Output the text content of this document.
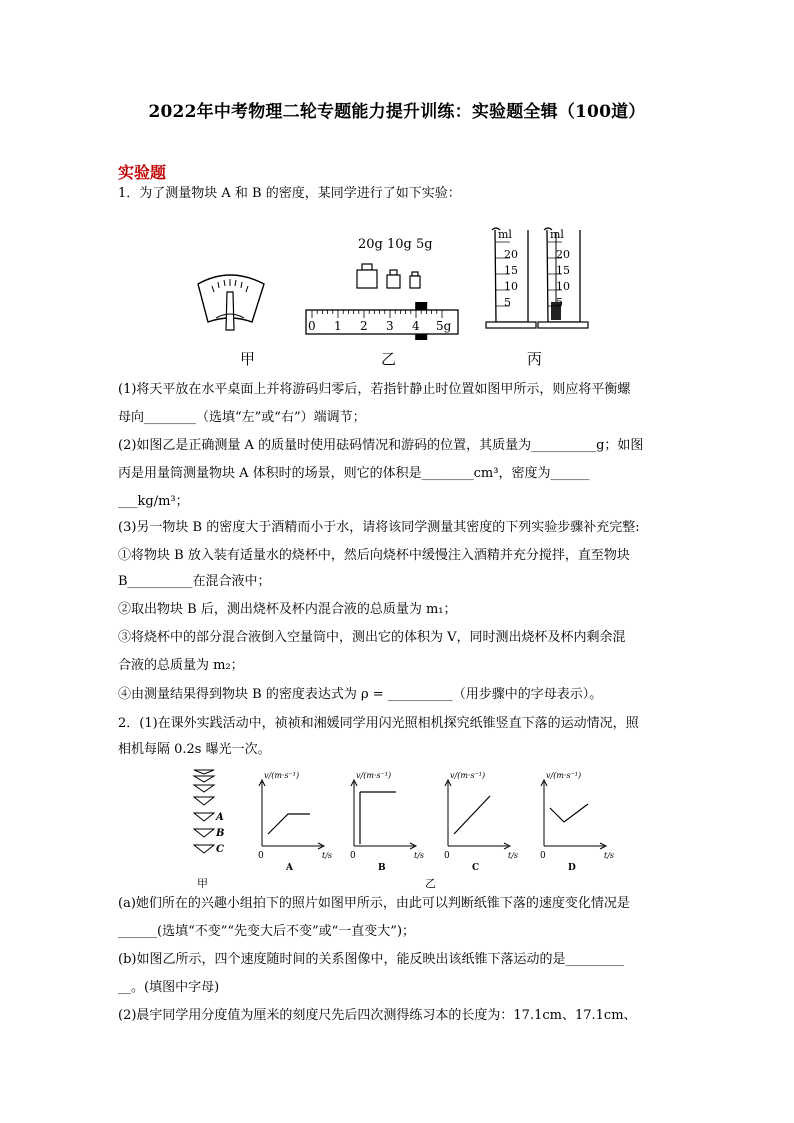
2022年中考物理二轮专题能力提升训练：实验题全辑（100道）
实验题
1．为了测量物块 A 和 B 的密度，某同学进行了如下实验：
20g 10g 5g
0 1 2 3 4 5g
ml	ml
20	20
15	15
10	10
5	5
甲	乙	丙
(1)将天平放在水平桌面上并将游码归零后，若指针静止时位置如图甲所示，则应将平衡螺
母向________（选填“左”或“右”）端调节；
(2)如图乙是正确测量 A 的质量时使用砝码情况和游码的位置，其质量为__________g；如图
丙是用量筒测量物块 A 体积时的场景，则它的体积是________cm³，密度为______
___kg/m³；
(3)另一物块 B 的密度大于酒精而小于水，请将该同学测量其密度的下列实验步骤补充完整:
①将物块 B 放入装有适量水的烧杯中，然后向烧杯中缓慢注入酒精并充分搅拌，直至物块
B__________在混合液中；
②取出物块 B 后，测出烧杯及杯内混合液的总质量为 m₁；
③将烧杯中的部分混合液倒入空量筒中，测出它的体积为 V，同时测出烧杯及杯内剩余混
合液的总质量为 m₂；
④由测量结果得到物块 B 的密度表达式为 ρ = __________（用步骤中的字母表示）。
2．(1)在课外实践活动中，祯祯和湘媛同学用闪光照相机探究纸锥竖直下落的运动情况，照
相机每隔 0.2s 曝光一次。
A
B
C
v/(m·s⁻¹)
t/s
0
A
v/(m·s⁻¹)
t/s
0
B
v/(m·s⁻¹)
t/s
0
C
v/(m·s⁻¹)
t/s
0
D
甲	乙
(a)她们所在的兴趣小组拍下的照片如图甲所示，由此可以判断纸锥下落的速度变化情况是
______(选填“不变”“先变大后不变”或“一直变大”)；
(b)如图乙所示，四个速度随时间的关系图像中，能反映出该纸锥下落运动的是_________
__。(填图中字母)
(2)晨宇同学用分度值为厘米的刻度尺先后四次测得练习本的长度为：17.1cm、17.1cm、
